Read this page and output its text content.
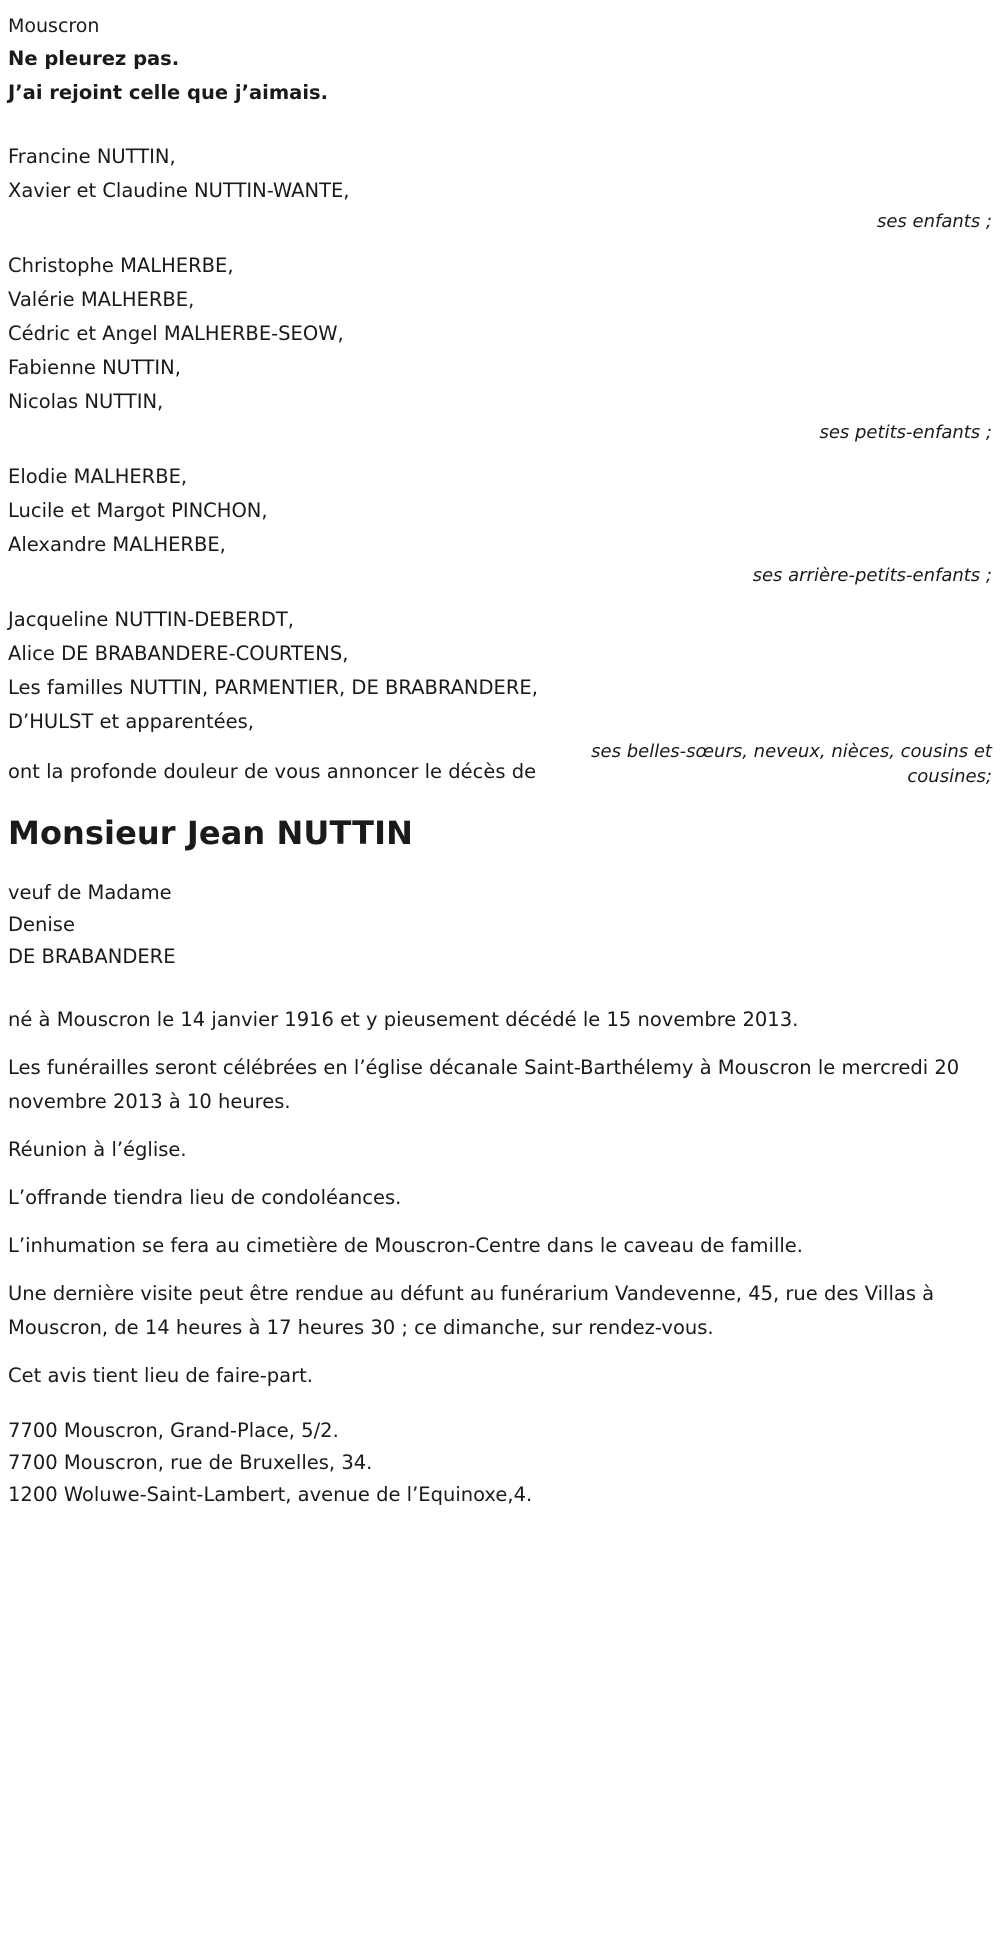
Mouscron
Ne pleurez pas.
J’ai rejoint celle que j’aimais.
Francine NUTTIN,
Xavier et Claudine NUTTIN-WANTE,
ses enfants ;
Christophe MALHERBE,
Valérie MALHERBE,
Cédric et Angel MALHERBE-SEOW,
Fabienne NUTTIN,
Nicolas NUTTIN,
ses petits-enfants ;
Elodie MALHERBE,
Lucile et Margot PINCHON,
Alexandre MALHERBE,
ses arrière-petits-enfants ;
Jacqueline NUTTIN-DEBERDT,
Alice DE BRABANDERE-COURTENS,
Les familles NUTTIN, PARMENTIER, DE BRABRANDERE,
D’HULST et apparentées,
ont la profonde douleur de vous annoncer le décès de
ses belles-sœurs, neveux, nièces, cousins et cousines;
Monsieur Jean NUTTIN
veuf de Madame
Denise
DE BRABANDERE

né à Mouscron le 14 janvier 1916 et y pieusement décédé le 15 novembre 2013.

Les funérailles seront célébrées en l’église décanale Saint-Barthélemy à Mouscron le mercredi 20 novembre 2013 à 10 heures.

Réunion à l’église.

L’offrande tiendra lieu de condoléances.

L’inhumation se fera au cimetière de Mouscron-Centre dans le caveau de famille.

Une dernière visite peut être rendue au défunt au funérarium Vandevenne, 45, rue des Villas à Mouscron, de 14 heures à 17 heures 30 ; ce dimanche, sur rendez-vous.

Cet avis tient lieu de faire-part.

7700 Mouscron, Grand-Place, 5/2.
7700 Mouscron, rue de Bruxelles, 34.
1200 Woluwe-Saint-Lambert, avenue de l’Equinoxe,4.
